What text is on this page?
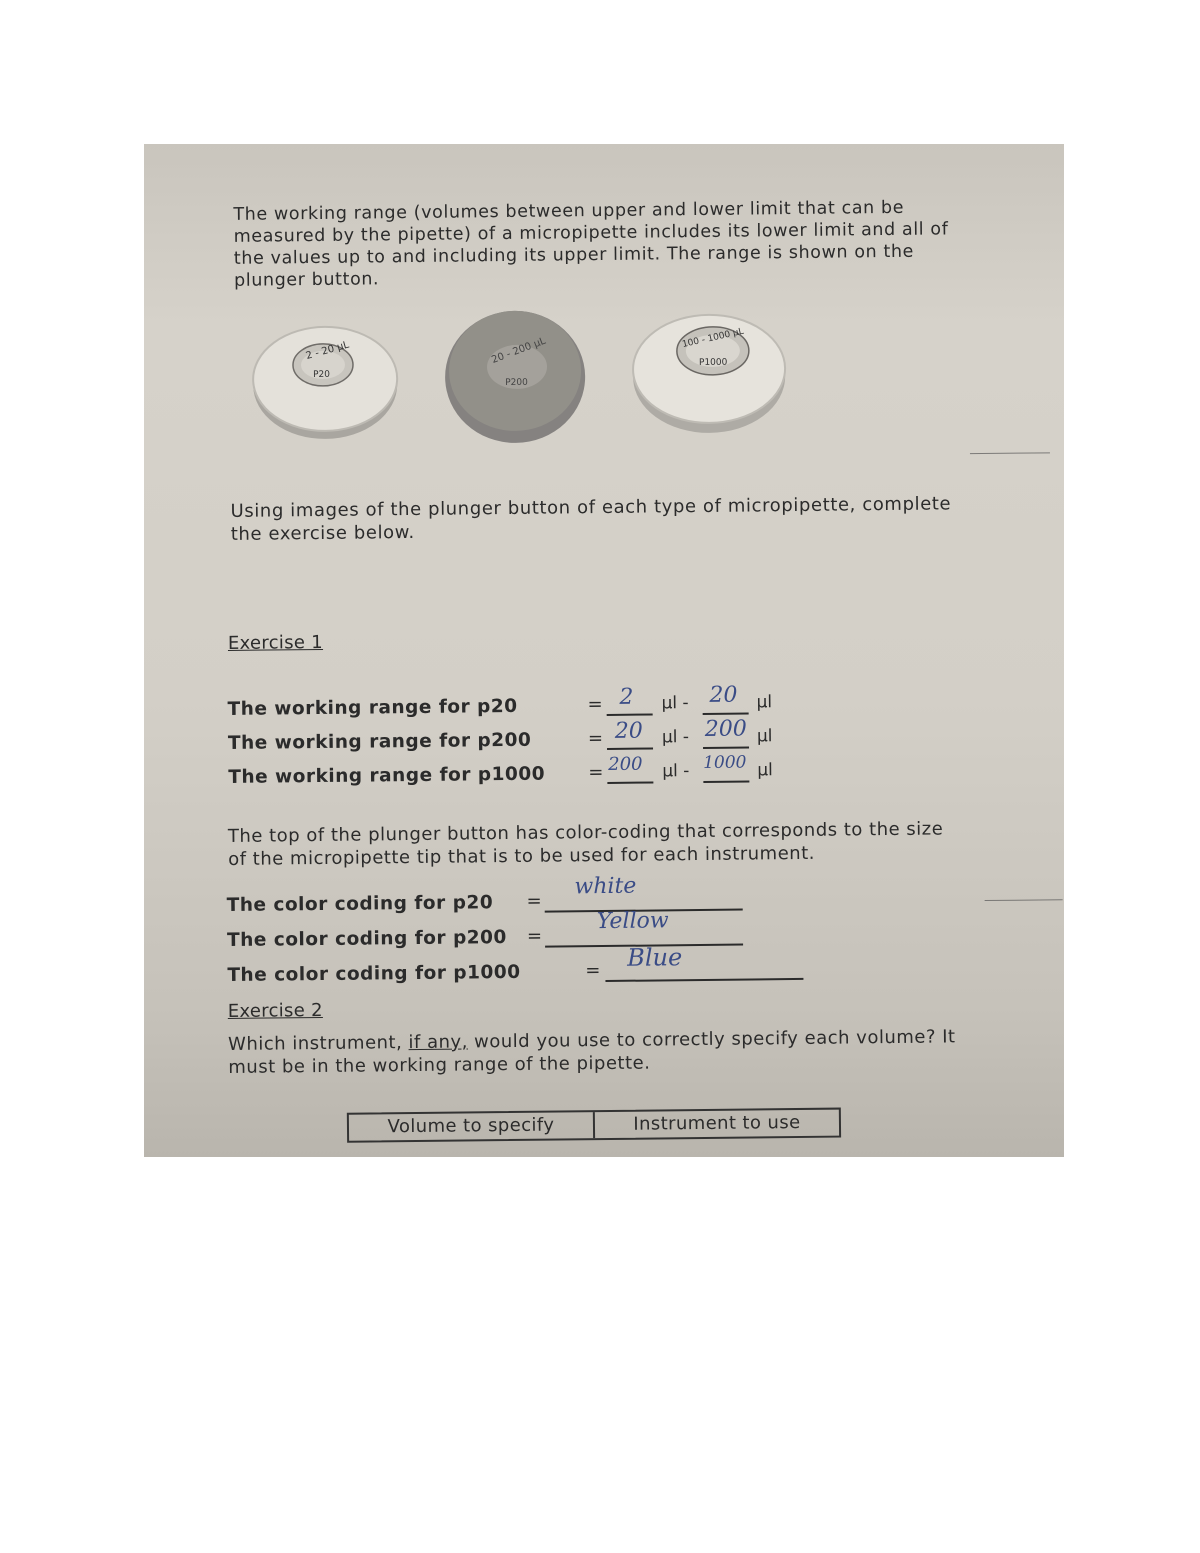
The working range (volumes between upper and lower limit that can be
measured by the pipette) of a micropipette includes its lower limit and all of
the values up to and including its upper limit. The range is shown on the
plunger button.
2 - 20 µL
P20
20 - 200 µL
P200
100 - 1000 µL
P1000
Using images of the plunger button of each type of micropipette, complete
the exercise below.
Exercise 1
The working range for p20	= 2 µl - 20 µl
The working range for p200	= 20 µl - 200 µl
The working range for p1000 = 200 µl - 1000 µl
The top of the plunger button has color-coding that corresponds to the size
of the micropipette tip that is to be used for each instrument.
The color coding for p20 =
white
The color coding for p200 =
Yellow
The color coding for p1000	= Blue
Exercise 2
Which instrument, if any, would you use to correctly specify each volume? It
must be in the working range of the pipette.
Volume to specify	Instrument to use
